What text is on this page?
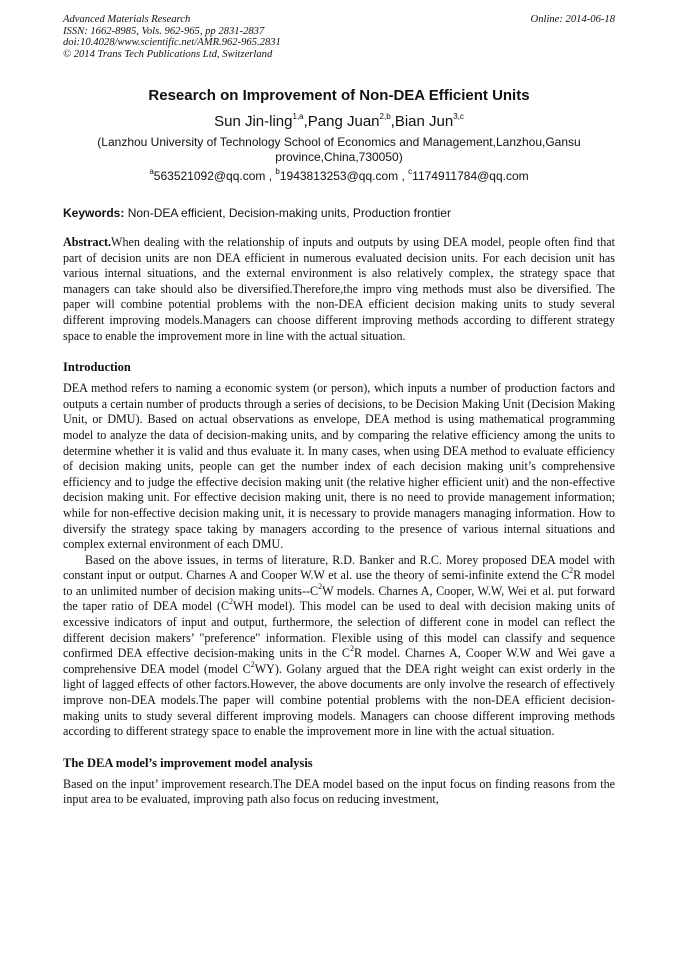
Advanced Materials Research
ISSN: 1662-8985, Vols. 962-965, pp 2831-2837
doi:10.4028/www.scientific.net/AMR.962-965.2831
© 2014 Trans Tech Publications Ltd, Switzerland
Online: 2014-06-18
Research on Improvement of Non-DEA Efficient Units
Sun Jin-ling$^{1,a}$,Pang Juan$^{2,b}$,Bian Jun$^{3,c}$
(Lanzhou University of Technology School of Economics and Management,Lanzhou,Gansu province,China,730050)
$^a$563521092@qq.com , $^b$1943813253@qq.com , $^c$1174911784@qq.com
Keywords: Non-DEA efficient, Decision-making units, Production frontier

Abstract.When dealing with the relationship of inputs and outputs by using DEA model, people often find that part of decision units are non DEA efficient in numerous evaluated decision units. For each decision unit has various internal situations, and the external environment is also relatively complex, the strategy space that managers can take should also be diversified.Therefore,the impro ving methods must also be diversified. The paper will combine potential problems with the non-DEA efficient decision making units to study several different improving models.Managers can choose different improving methods according to different strategy space to enable the improvement more in line with the actual situation.

Introduction

DEA method refers to naming a economic system (or person), which inputs a number of production factors and outputs a certain number of products through a series of decisions, to be Decision Making Unit (Decision Making Unit, or DMU). Based on actual observations as envelope, DEA method is using mathematical programming model to analyze the data of decision-making units, and by comparing the relative efficiency among the units to determine whether it is valid and thus evaluate it. In many cases, when using DEA method to evaluate efficiency of decision making units, people can get the number index of each decision making unit’s comprehensive efficiency and to judge the effective decision making unit (the relative higher efficient unit) and the non-effective decision making unit. For effective decision making unit, there is no need to provide management information; while for non-effective decision making unit, it is necessary to provide managers managing information. How to diversify the strategy space taking by managers according to the presence of various internal situations and complex external environment of each DMU.

Based on the above issues, in terms of literature, R.D. Banker and R.C. Morey proposed DEA model with constant input or output. Charnes A and Cooper W.W et al. use the theory of semi-infinite extend the $C^2R$ model to an unlimited number of decision making units-$-C^2W$ models. Charnes A, Cooper, W.W, Wei et al. put forward the taper ratio of DEA model ($C^2WH$ model). This model can be used to deal with decision making units of excessive indicators of input and output, furthermore, the selection of different cone in model can reflect the different decision makers’ "preference" information. Flexible using of this model can classify and sequence confirmed DEA effective decision-making units in the $C^2R$ model. Charnes A, Cooper W.W and Wei gave a comprehensive DEA model (model $C^2WY$). Golany argued that the DEA right weight can exist orderly in the light of lagged effects of other factors.However, the above documents are only involve the research of effectively improve non-DEA models.The paper will combine potential problems with the non-DEA efficient decision-making units to study several different improving models. Managers can choose different improving methods according to different strategy space to enable the improvement more in line with the actual situation.

The DEA model’s improvement model analysis

Based on the input’ improvement research.The DEA model based on the input focus on finding reasons from the input area to be evaluated, improving path also focus on reducing investment,
